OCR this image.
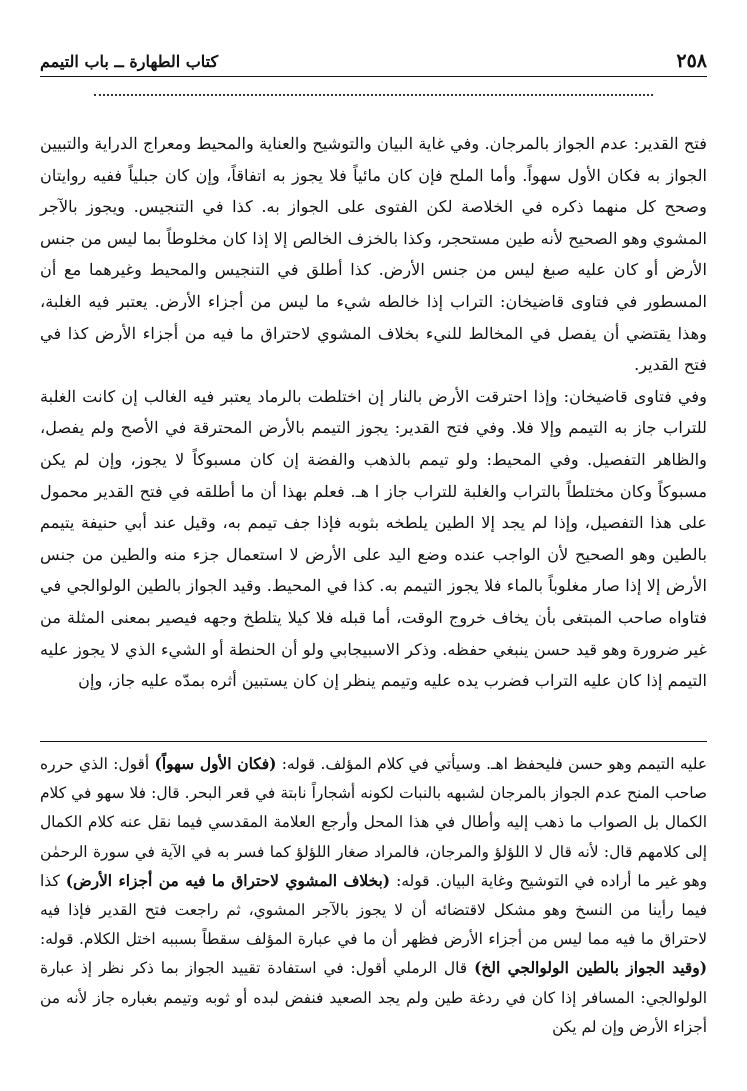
٢٥٨
كتاب الطهارة ــ باب التيمم

فتح القدير: عدم الجواز بالمرجان. وفي غاية البيان والتوشيح والعناية والمحيط ومعراج الدراية والتبيين الجواز به فكان الأول سهواً. وأما الملح فإن كان مائياً فلا يجوز به اتفاقاً، وإن كان جبلياً ففيه روايتان وصحح كل منهما ذكره في الخلاصة لكن الفتوى على الجواز به. كذا في التنجيس. ويجوز بالآجر المشوي وهو الصحيح لأنه طين مستحجر، وكذا بالخزف الخالص إلا إذا كان مخلوطاً بما ليس من جنس الأرض أو كان عليه صبغ ليس من جنس الأرض. كذا أطلق في التنجيس والمحيط وغيرهما مع أن المسطور في فتاوى قاضيخان: التراب إذا خالطه شيء ما ليس من أجزاء الأرض. يعتبر فيه الغلبة، وهذا يقتضي أن يفصل في المخالط للنيء بخلاف المشوي لاحتراق ما فيه من أجزاء الأرض كذا في فتح القدير.

وفي فتاوى قاضيخان: وإذا احترقت الأرض بالنار إن اختلطت بالرماد يعتبر فيه الغالب إن كانت الغلبة للتراب جاز به التيمم وإلا فلا. وفي فتح القدير: يجوز التيمم بالأرض المحترقة في الأصح ولم يفصل، والظاهر التفصيل. وفي المحيط: ولو تيمم بالذهب والفضة إن كان مسبوكاً لا يجوز، وإن لم يكن مسبوكاً وكان مختلطاً بالتراب والغلبة للتراب جاز ا هـ. فعلم بهذا أن ما أطلقه في فتح القدير محمول على هذا التفصيل، وإذا لم يجد إلا الطين يلطخه بثوبه فإذا جف تيمم به، وقيل عند أبي حنيفة يتيمم بالطين وهو الصحيح لأن الواجب عنده وضع اليد على الأرض لا استعمال جزء منه والطين من جنس الأرض إلا إذا صار مغلوباً بالماء فلا يجوز التيمم به. كذا في المحيط. وقيد الجواز بالطين الولوالجي في فتاواه صاحب المبتغى بأن يخاف خروج الوقت، أما قبله فلا كيلا يتلطخ وجهه فيصير بمعنى المثلة من غير ضرورة وهو قيد حسن ينبغي حفظه. وذكر الاسبيجابي ولو أن الحنطة أو الشيء الذي لا يجوز عليه التيمم إذا كان عليه التراب فضرب يده عليه وتيمم ينظر إن كان يستبين أثره بمدّه عليه جاز، وإن

عليه التيمم وهو حسن فليحفظ اهـ. وسيأتي في كلام المؤلف. قوله: (فكان الأول سهواً) أقول: الذي حرره صاحب المنح عدم الجواز بالمرجان لشبهه بالنبات لكونه أشجاراً نابتة في قعر البحر. قال: فلا سهو في كلام الكمال بل الصواب ما ذهب إليه وأطال في هذا المحل وأرجع العلامة المقدسي فيما نقل عنه كلام الكمال إلى كلامهم قال: لأنه قال لا اللؤلؤ والمرجان، فالمراد صغار اللؤلؤ كما فسر به في الآية في سورة الرحمٰن وهو غير ما أراده في التوشيح وغاية البيان. قوله: (بخلاف المشوي لاحتراق ما فيه من أجزاء الأرض) كذا فيما رأينا من النسخ وهو مشكل لاقتضائه أن لا يجوز بالآجر المشوي، ثم راجعت فتح القدير فإذا فيه لاحتراق ما فيه مما ليس من أجزاء الأرض فظهر أن ما في عبارة المؤلف سقطاً بسببه اختل الكلام. قوله: (وقيد الجواز بالطين الولوالجي الخ) قال الرملي أقول: في استفادة تقييد الجواز بما ذكر نظر إذ عبارة الولوالجي: المسافر إذا كان في ردغة طين ولم يجد الصعيد فنفض لبده أو ثوبه وتيمم بغباره جاز لأنه من أجزاء الأرض وإن لم يكن
